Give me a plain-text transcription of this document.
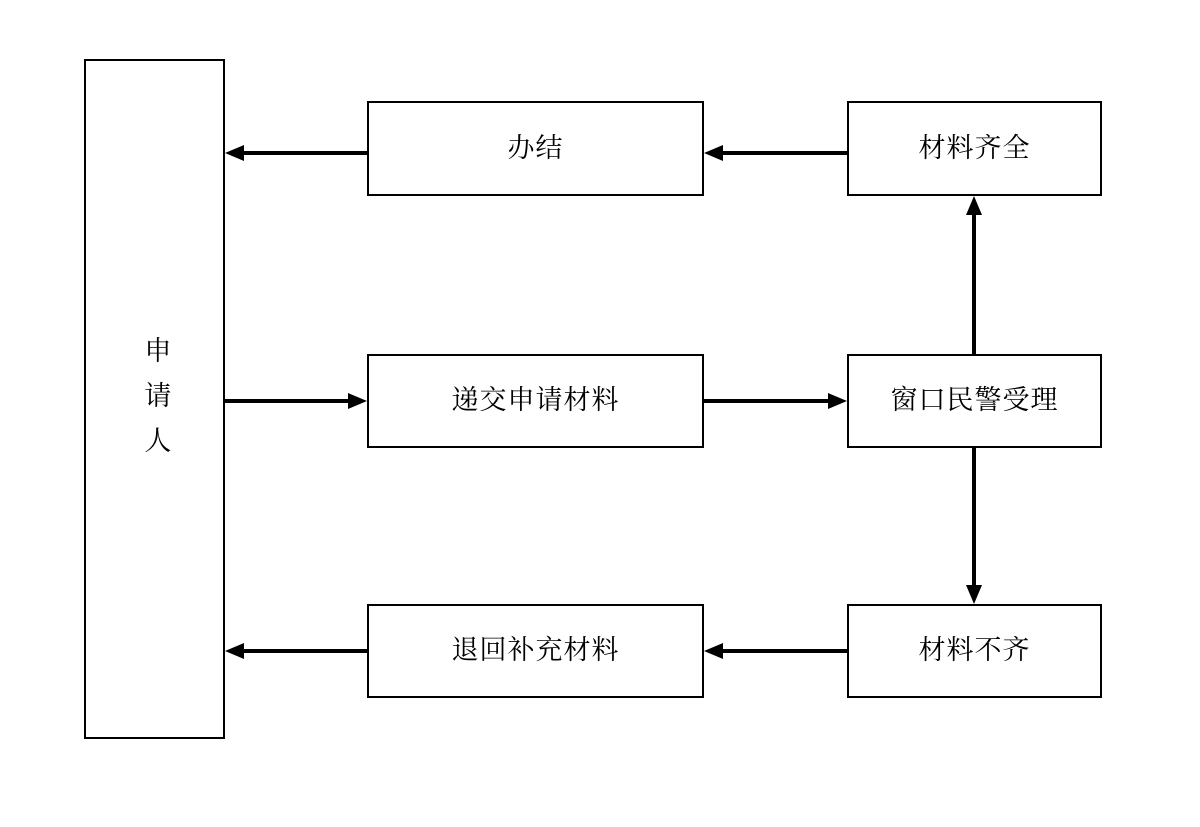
申请人
办结	材料齐全
递交申请材料	窗口民警受理
退回补充材料	材料不齐
